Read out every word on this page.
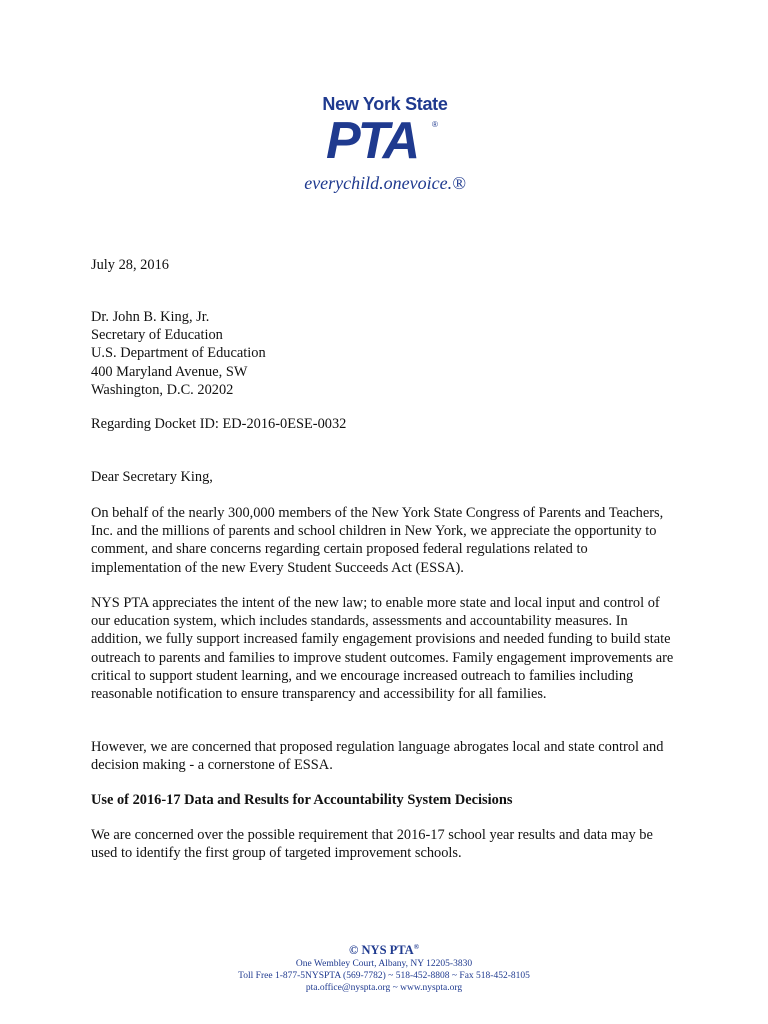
New York State
PTA ®
everychild.onevoice.®

July 28, 2016

Dr. John B. King, Jr.

Secretary of Education

U.S. Department of Education

400 Maryland Avenue, SW

Washington, D.C. 20202

Regarding Docket ID: ED-2016-0ESE-0032

Dear Secretary King,

On behalf of the nearly 300,000 members of the New York State Congress of Parents and Teachers, Inc. and the millions of parents and school children in New York, we appreciate the opportunity to comment, and share concerns regarding certain proposed federal regulations related to implementation of the new Every Student Succeeds Act (ESSA).

NYS PTA appreciates the intent of the new law; to enable more state and local input and control of our education system, which includes standards, assessments and accountability measures. In addition, we fully support increased family engagement provisions and needed funding to build state outreach to parents and families to improve student outcomes. Family engagement improvements are critical to support student learning, and we encourage increased outreach to families including reasonable notification to ensure transparency and accessibility for all families.

However, we are concerned that proposed regulation language abrogates local and state control and decision making - a cornerstone of ESSA.

Use of 2016-17 Data and Results for Accountability System Decisions

We are concerned over the possible requirement that 2016-17 school year results and data may be used to identify the first group of targeted improvement schools.

© NYS PTA®
One Wembley Court, Albany, NY 12205-3830
Toll Free 1-877-5NYSPTA (569-7782) ~ 518-452-8808 ~ Fax 518-452-8105
pta.office@nyspta.org ~ www.nyspta.org
